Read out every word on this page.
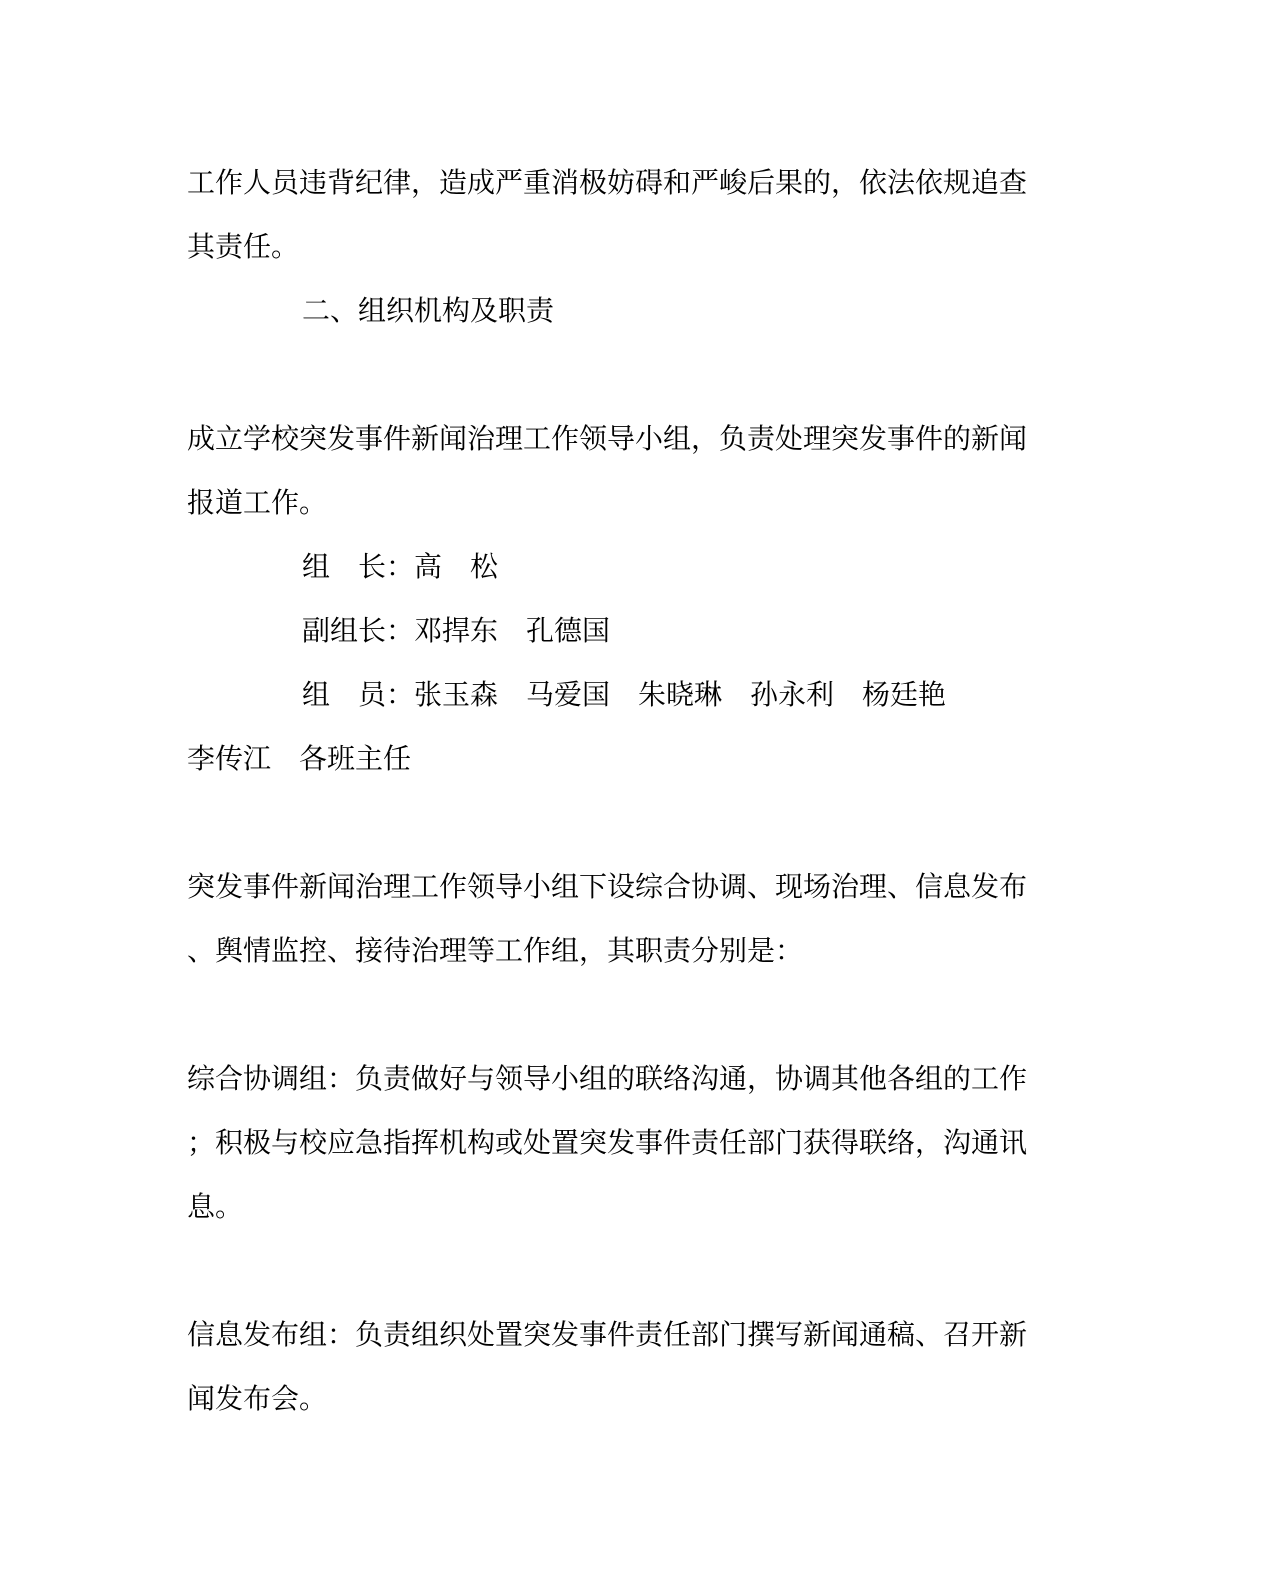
工作人员违背纪律，造成严重消极妨碍和严峻后果的，依法依规追查
其责任。
二、组织机构及职责
成立学校突发事件新闻治理工作领导小组，负责处理突发事件的新闻
报道工作。
组　长：高　松
副组长：邓捍东　孔德国
组　员：张玉森　马爱国　朱晓琳　孙永利　杨廷艳
李传江　各班主任
突发事件新闻治理工作领导小组下设综合协调、现场治理、信息发布
、舆情监控、接待治理等工作组，其职责分别是：
综合协调组：负责做好与领导小组的联络沟通，协调其他各组的工作
；积极与校应急指挥机构或处置突发事件责任部门获得联络，沟通讯
息。
信息发布组：负责组织处置突发事件责任部门撰写新闻通稿、召开新
闻发布会。
